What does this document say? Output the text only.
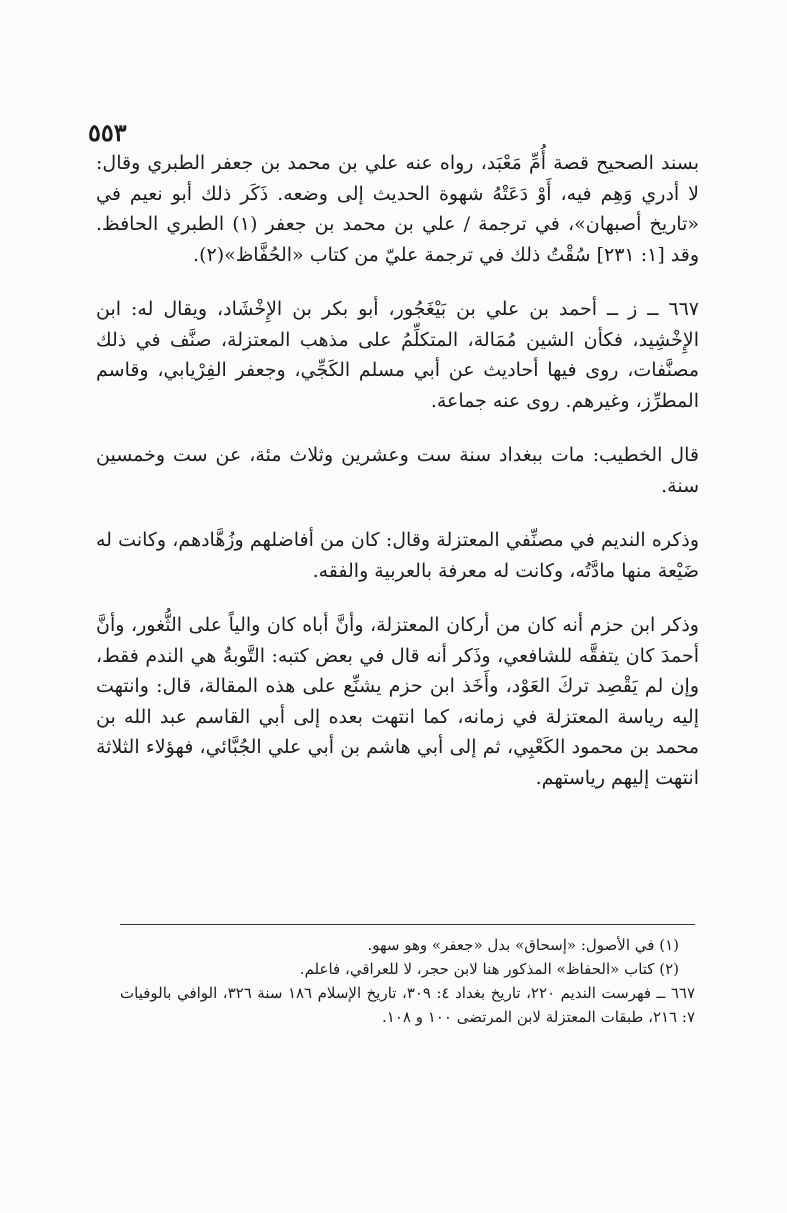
٥٥٣

بسند الصحيح قصة أُمِّ مَعْبَد، رواه عنه علي بن محمد بن جعفر الطبري وقال: لا أدري وَهِم فيه، أَوْ دَعَتْهُ شهوة الحديث إلى وضعه. ذَكَر ذلك أبو نعيم في «تاريخ أصبهان»، في ترجمة / علي بن محمد بن جعفر (١) الطبري الحافظ. وقد [١: ٢٣١] سُقْتُ ذلك في ترجمة عليّ من كتاب «الحُفَّاظ»(٢).

٦٦٧ ــ ز ــ أحمد بن علي بن بَيْغَجُور، أبو بكر بن الإِخْشَاد، ويقال له: ابن الإِخْشِيد، فكأن الشين مُمَالة، المتكلِّمُ على مذهب المعتزلة، صنَّف في ذلك مصنَّفات، روى فيها أحاديث عن أبي مسلم الكَجِّي، وجعفر الفِرْيابي، وقاسم المطرِّز، وغيرهم. روى عنه جماعة.

قال الخطيب: مات ببغداد سنة ست وعشرين وثلاث مئة، عن ست وخمسين سنة.

وذكره النديم في مصنِّفي المعتزلة وقال: كان من أفاضلهم وزُهَّادهم، وكانت له ضَيْعة منها مادَّتُه، وكانت له معرفة بالعربية والفقه.

وذكر ابن حزم أنه كان من أركان المعتزلة، وأنَّ أباه كان والياً على الثُّغور، وأنَّ أحمدَ كان يتفقَّه للشافعي، وذَكر أنه قال في بعض كتبه: التَّوبةُ هي الندم فقط، وإن لم يَقْصِد تركَ العَوْد، وأَخَذ ابن حزم يشنِّع على هذه المقالة، قال: وانتهت إليه رياسة المعتزلة في زمانه، كما انتهت بعده إلى أبي القاسم عبد الله بن محمد بن محمود الكَعْبِي، ثم إلى أبي هاشم بن أبي علي الجُبَّائي، فهؤلاء الثلاثة انتهت إليهم رياستهم.

(١) في الأصول: «إسحاق» بدل «جعفر» وهو سهو.

(٢) كتاب «الحفاظ» المذكور هنا لابن حجر، لا للعراقي، فاعلم.

٦٦٧ ــ فهرست النديم ٢٢٠، تاريخ بغداد ٤: ٣٠٩، تاريخ الإسلام ١٨٦ سنة ٣٢٦، الوافي بالوفيات ٧: ٢١٦، طبقات المعتزلة لابن المرتضى ١٠٠ و ١٠٨.
